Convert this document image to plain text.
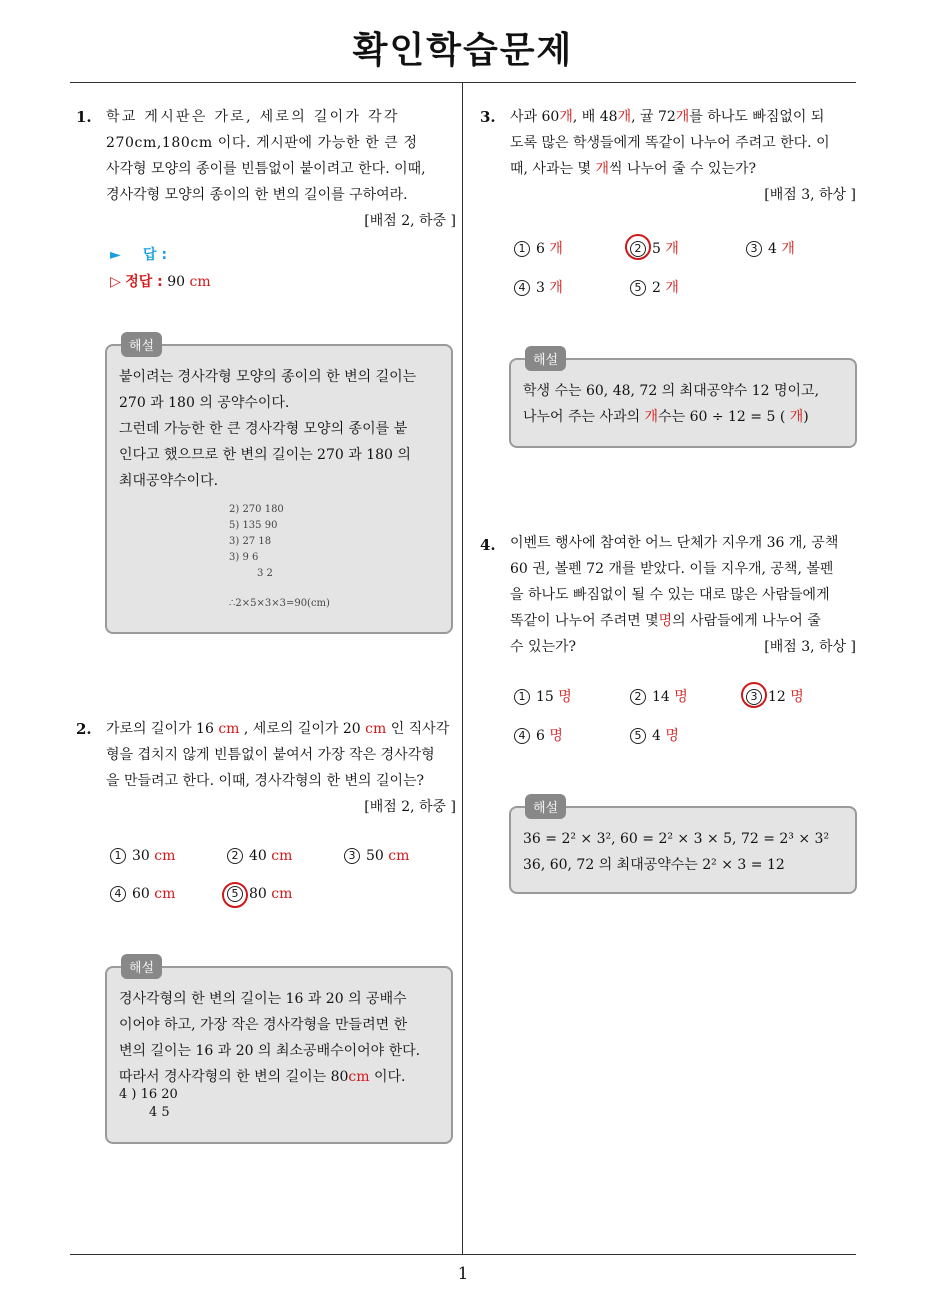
확인학습문제
1. 학교 게시판은 가로, 세로의 길이가 각각
270cm,180cm 이다. 게시판에 가능한 한 큰 정
사각형 모양의 종이를 빈틈없이 붙이려고 한다. 이때,
경사각형 모양의 종이의 한 변의 길이를 구하여라.
[배점 2, 하중 ]
► 답 :
▷ 정답 : 90 cm
해설
붙이려는 경사각형 모양의 종이의 한 변의 길이는
270 과 180 의 공약수이다.
그런데 가능한 한 큰 경사각형 모양의 종이를 붙
인다고 했으므로 한 변의 길이는 270 과 180 의
최대공약수이다.
2) 270 180
5) 135 90
3) 27 18
3) 9 6
3 2
∴2×5×3×3=90(cm)
2. 가로의 길이가 16 cm , 세로의 길이가 20 cm 인 직사각
형을 겹치지 않게 빈틈없이 붙여서 가장 작은 경사각형
을 만들려고 한다. 이때, 경사각형의 한 변의 길이는?
[배점 2, 하중 ]
1 30 cm	2 40 cm	3 50 cm
4 60 cm	5 80 cm
해설
경사각형의 한 변의 길이는 16 과 20 의 공배수
이어야 하고, 가장 작은 경사각형을 만들려면 한
변의 길이는 16 과 20 의 최소공배수이어야 한다.
따라서 경사각형의 한 변의 길이는 80cm 이다.
4 ) 16 20
4 5
3. 사과 60개, 배 48개, 귤 72개를 하나도 빠짐없이 되
도록 많은 학생들에게 똑같이 나누어 주려고 한다. 이
때, 사과는 몇 개씩 나누어 줄 수 있는가?
[배점 3, 하상 ]
1 6 개	2 5 개	3 4 개
4 3 개	5 2 개
해설
학생 수는 60, 48, 72 의 최대공약수 12 명이고,
나누어 주는 사과의 개수는 60 ÷ 12 = 5 ( 개)
4. 이벤트 행사에 참여한 어느 단체가 지우개 36 개, 공책
60 권, 볼펜 72 개를 받았다. 이들 지우개, 공책, 볼펜
을 하나도 빠짐없이 될 수 있는 대로 많은 사람들에게
똑같이 나누어 주려면 몇명의 사람들에게 나누어 줄
수 있는가?	[배점 3, 하상 ]
1 15 명	2 14 명	3 12 명
4 6 명	5 4 명
해설
36 = 2² × 3², 60 = 2² × 3 × 5, 72 = 2³ × 3²
36, 60, 72 의 최대공약수는 2² × 3 = 12
1
